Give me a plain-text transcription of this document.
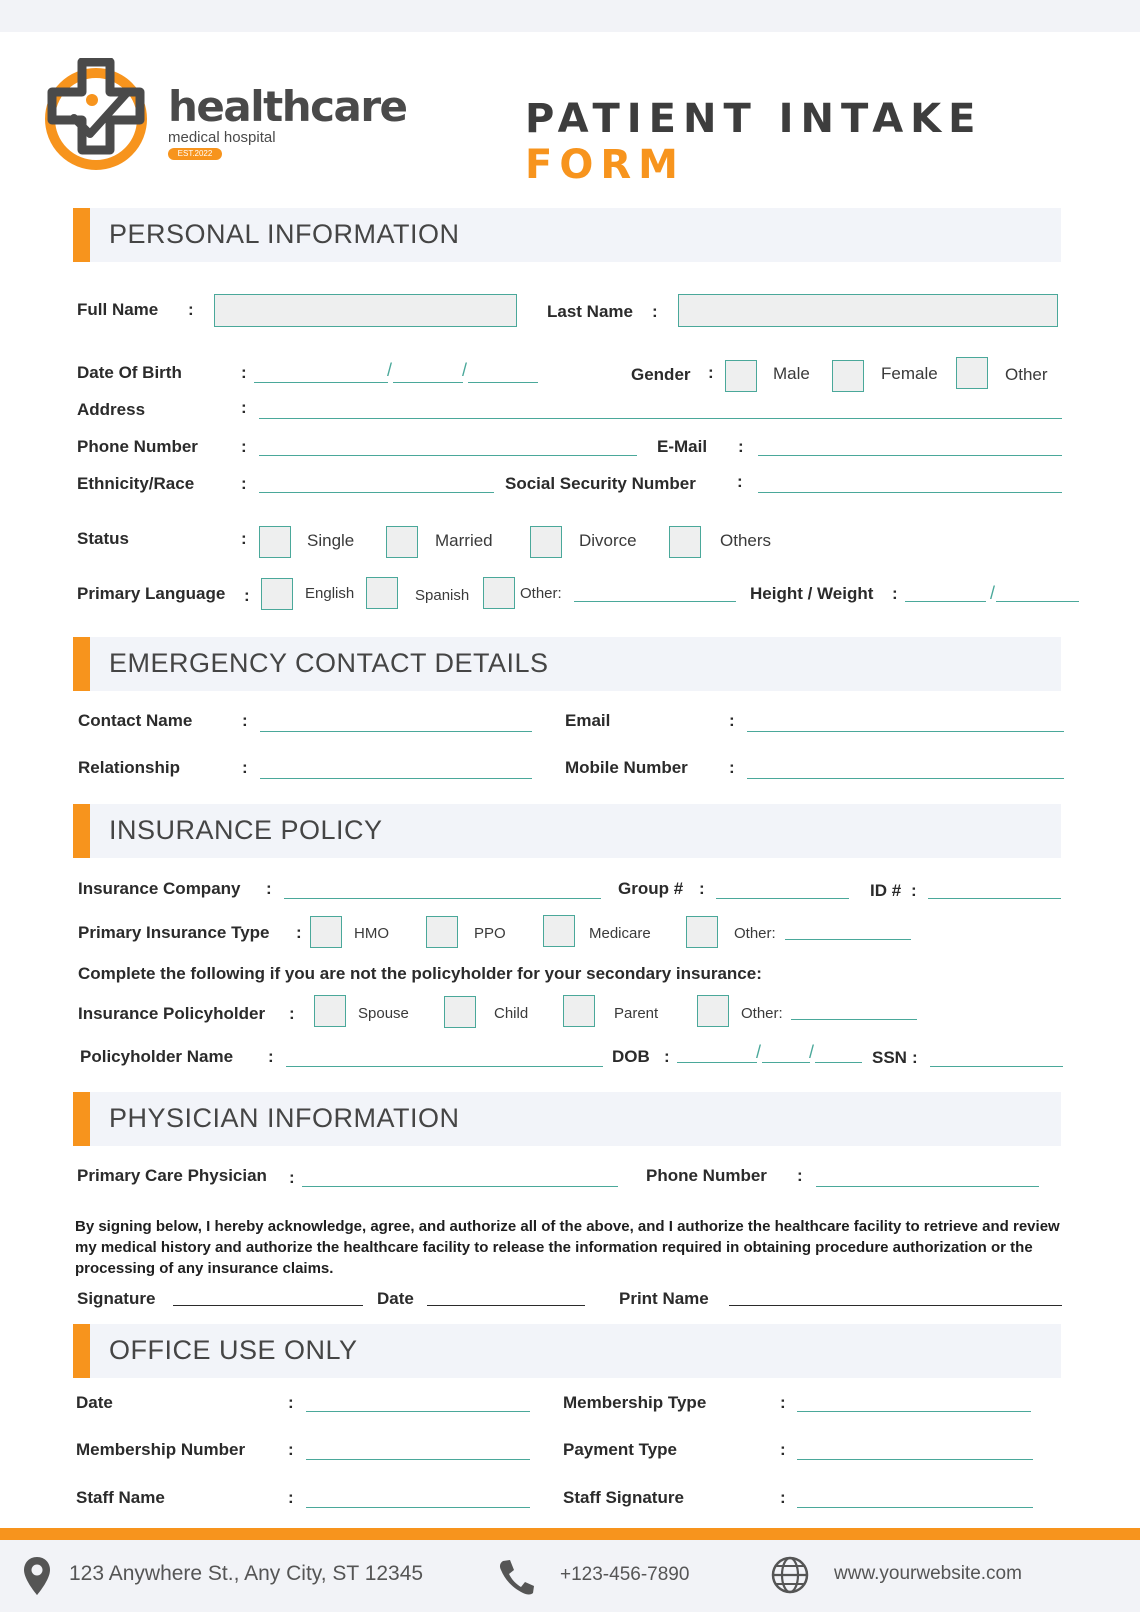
healthcare
medical hospital
EST.2022
PATIENT INTAKE FORM
PERSONAL INFORMATION
Full Name :	Last Name :
Date Of Birth	:	/	/	Gender :	Male	Female	Other
Address	:
Phone Number	:	E-Mail :
Ethnicity/Race	:	Social Security Number :
Status	:	Single	Married	Divorce	Others
Primary Language :	English	Spanish	Other:	Height / Weight :	/
EMERGENCY CONTACT DETAILS
Contact Name	:	Email	:
Relationship	:	Mobile Number :
INSURANCE POLICY
Insurance Company :	Group # :	ID # :
Primary Insurance Type :	HMO	PPO	Medicare	Other:
Complete the following if you are not the policyholder for your secondary insurance:
Insurance Policyholder :	Spouse	Child	Parent	Other:
Policyholder Name :	DOB :	/	/	SSN :
PHYSICIAN INFORMATION
Primary Care Physician :	Phone Number :
By signing below, I hereby acknowledge, agree, and authorize all of the above, and I authorize the healthcare facility to retrieve and review my medical history and authorize the healthcare facility to release the information required in obtaining procedure authorization or the processing of any insurance claims.
Signature	Date	Print Name
OFFICE USE ONLY
Date	:	Membership Type	:
Membership Number	:	Payment Type	:
Staff Name	:	Staff Signature	:
123 Anywhere St., Any City, ST 12345	+123-456-7890	www.yourwebsite.com
